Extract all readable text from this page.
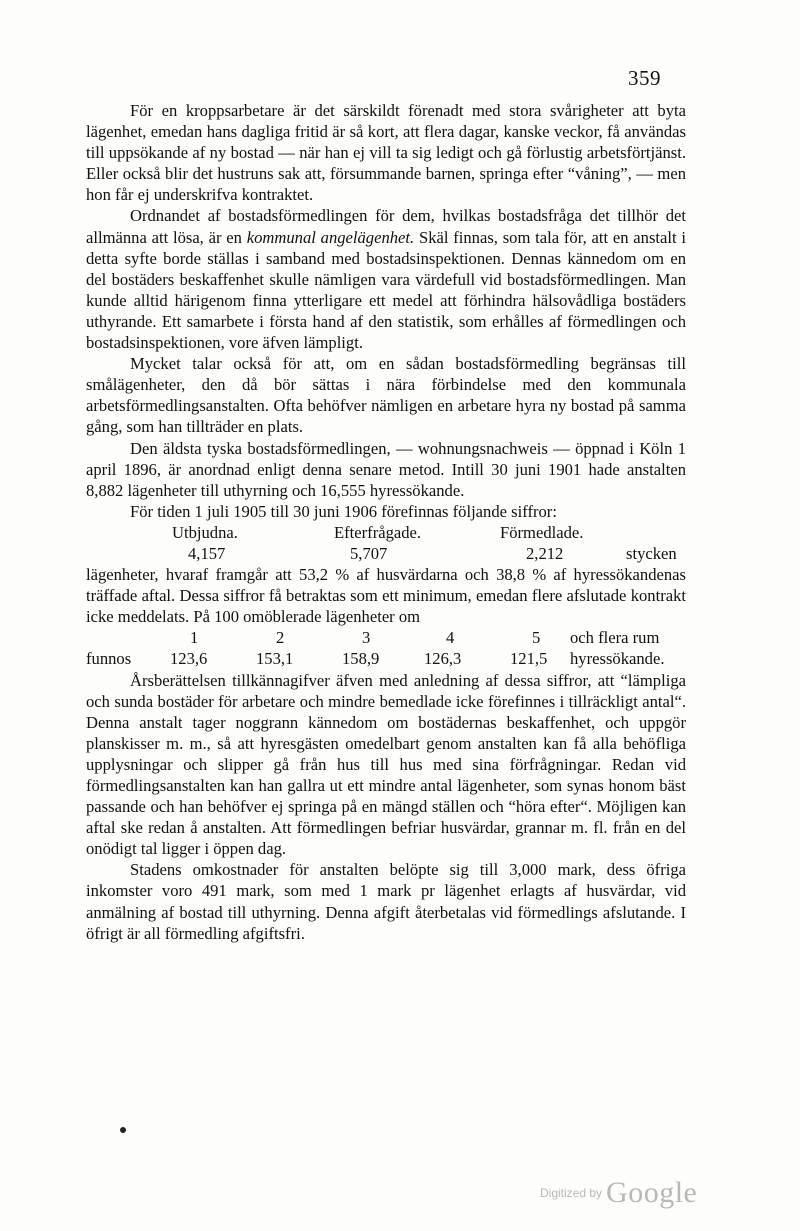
359

För en kroppsarbetare är det särskildt förenadt med stora svårigheter att byta lägenhet, emedan hans dagliga fritid är så kort, att flera dagar, kanske veckor, få användas till uppsökande af ny bostad — när han ej vill ta sig ledigt och gå förlustig arbetsförtjänst. Eller också blir det hustruns sak att, försummande barnen, springa efter “våning”, — men hon får ej underskrifva kontraktet.

Ordnandet af bostadsförmedlingen för dem, hvilkas bostadsfråga det tillhör det allmänna att lösa, är en kommunal angelägenhet. Skäl finnas, som tala för, att en anstalt i detta syfte borde ställas i samband med bostadsinspektionen. Dennas kännedom om en del bostäders beskaffenhet skulle nämligen vara värdefull vid bostadsförmedlingen. Man kunde alltid härigenom finna ytterligare ett medel att förhindra hälsovådliga bostäders uthyrande. Ett samarbete i första hand af den statistik, som erhålles af förmedlingen och bostadsinspektionen, vore äfven lämpligt.

Mycket talar också för att, om en sådan bostadsförmedling begränsas till smålägenheter, den då bör sättas i nära förbindelse med den kommunala arbetsförmedlingsanstalten. Ofta behöfver nämligen en arbetare hyra ny bostad på samma gång, som han tillträder en plats.

Den äldsta tyska bostadsförmedlingen, — wohnungsnachweis — öppnad i Köln 1 april 1896, är anordnad enligt denna senare metod. Intill 30 juni 1901 hade anstalten 8,882 lägenheter till uthyrning och 16,555 hyressökande.

För tiden 1 juli 1905 till 30 juni 1906 förefinnas följande siffror:

Utbjudna.	Efterfrågade.	Förmedlade.
4,157	5,707	2,212	stycken

lägenheter, hvaraf framgår att 53,2 % af husvärdarna och 38,8 % af hyressökandenas träffade aftal. Dessa siffror få betraktas som ett minimum, emedan flere afslutade kontrakt icke meddelats. På 100 omöblerade lägenheter om

1	2	3	4	5 och flera rum
funnos 123,6	153,1	158,9	126,3	121,5 hyressökande.

Årsberättelsen tillkännagifver äfven med anledning af dessa siffror, att “lämpliga och sunda bostäder för arbetare och mindre bemedlade icke förefinnes i tillräckligt antal“. Denna anstalt tager noggrann kännedom om bostädernas beskaffenhet, och uppgör planskisser m. m., så att hyresgästen omedelbart genom anstalten kan få alla behöfliga upplysningar och slipper gå från hus till hus med sina förfrågningar. Redan vid förmedlingsanstalten kan han gallra ut ett mindre antal lägenheter, som synas honom bäst passande och han behöfver ej springa på en mängd ställen och “höra efter“. Möjligen kan aftal ske redan å anstalten. Att förmedlingen befriar husvärdar, grannar m. fl. från en del onödigt tal ligger i öppen dag.

Stadens omkostnader för anstalten belöpte sig till 3,000 mark, dess öfriga inkomster voro 491 mark, som med 1 mark pr lägenhet erlagts af husvärdar, vid anmälning af bostad till uthyrning. Denna afgift återbetalas vid förmedlings afslutande. I öfrigt är all förmedling afgiftsfri.

Digitized by Google
